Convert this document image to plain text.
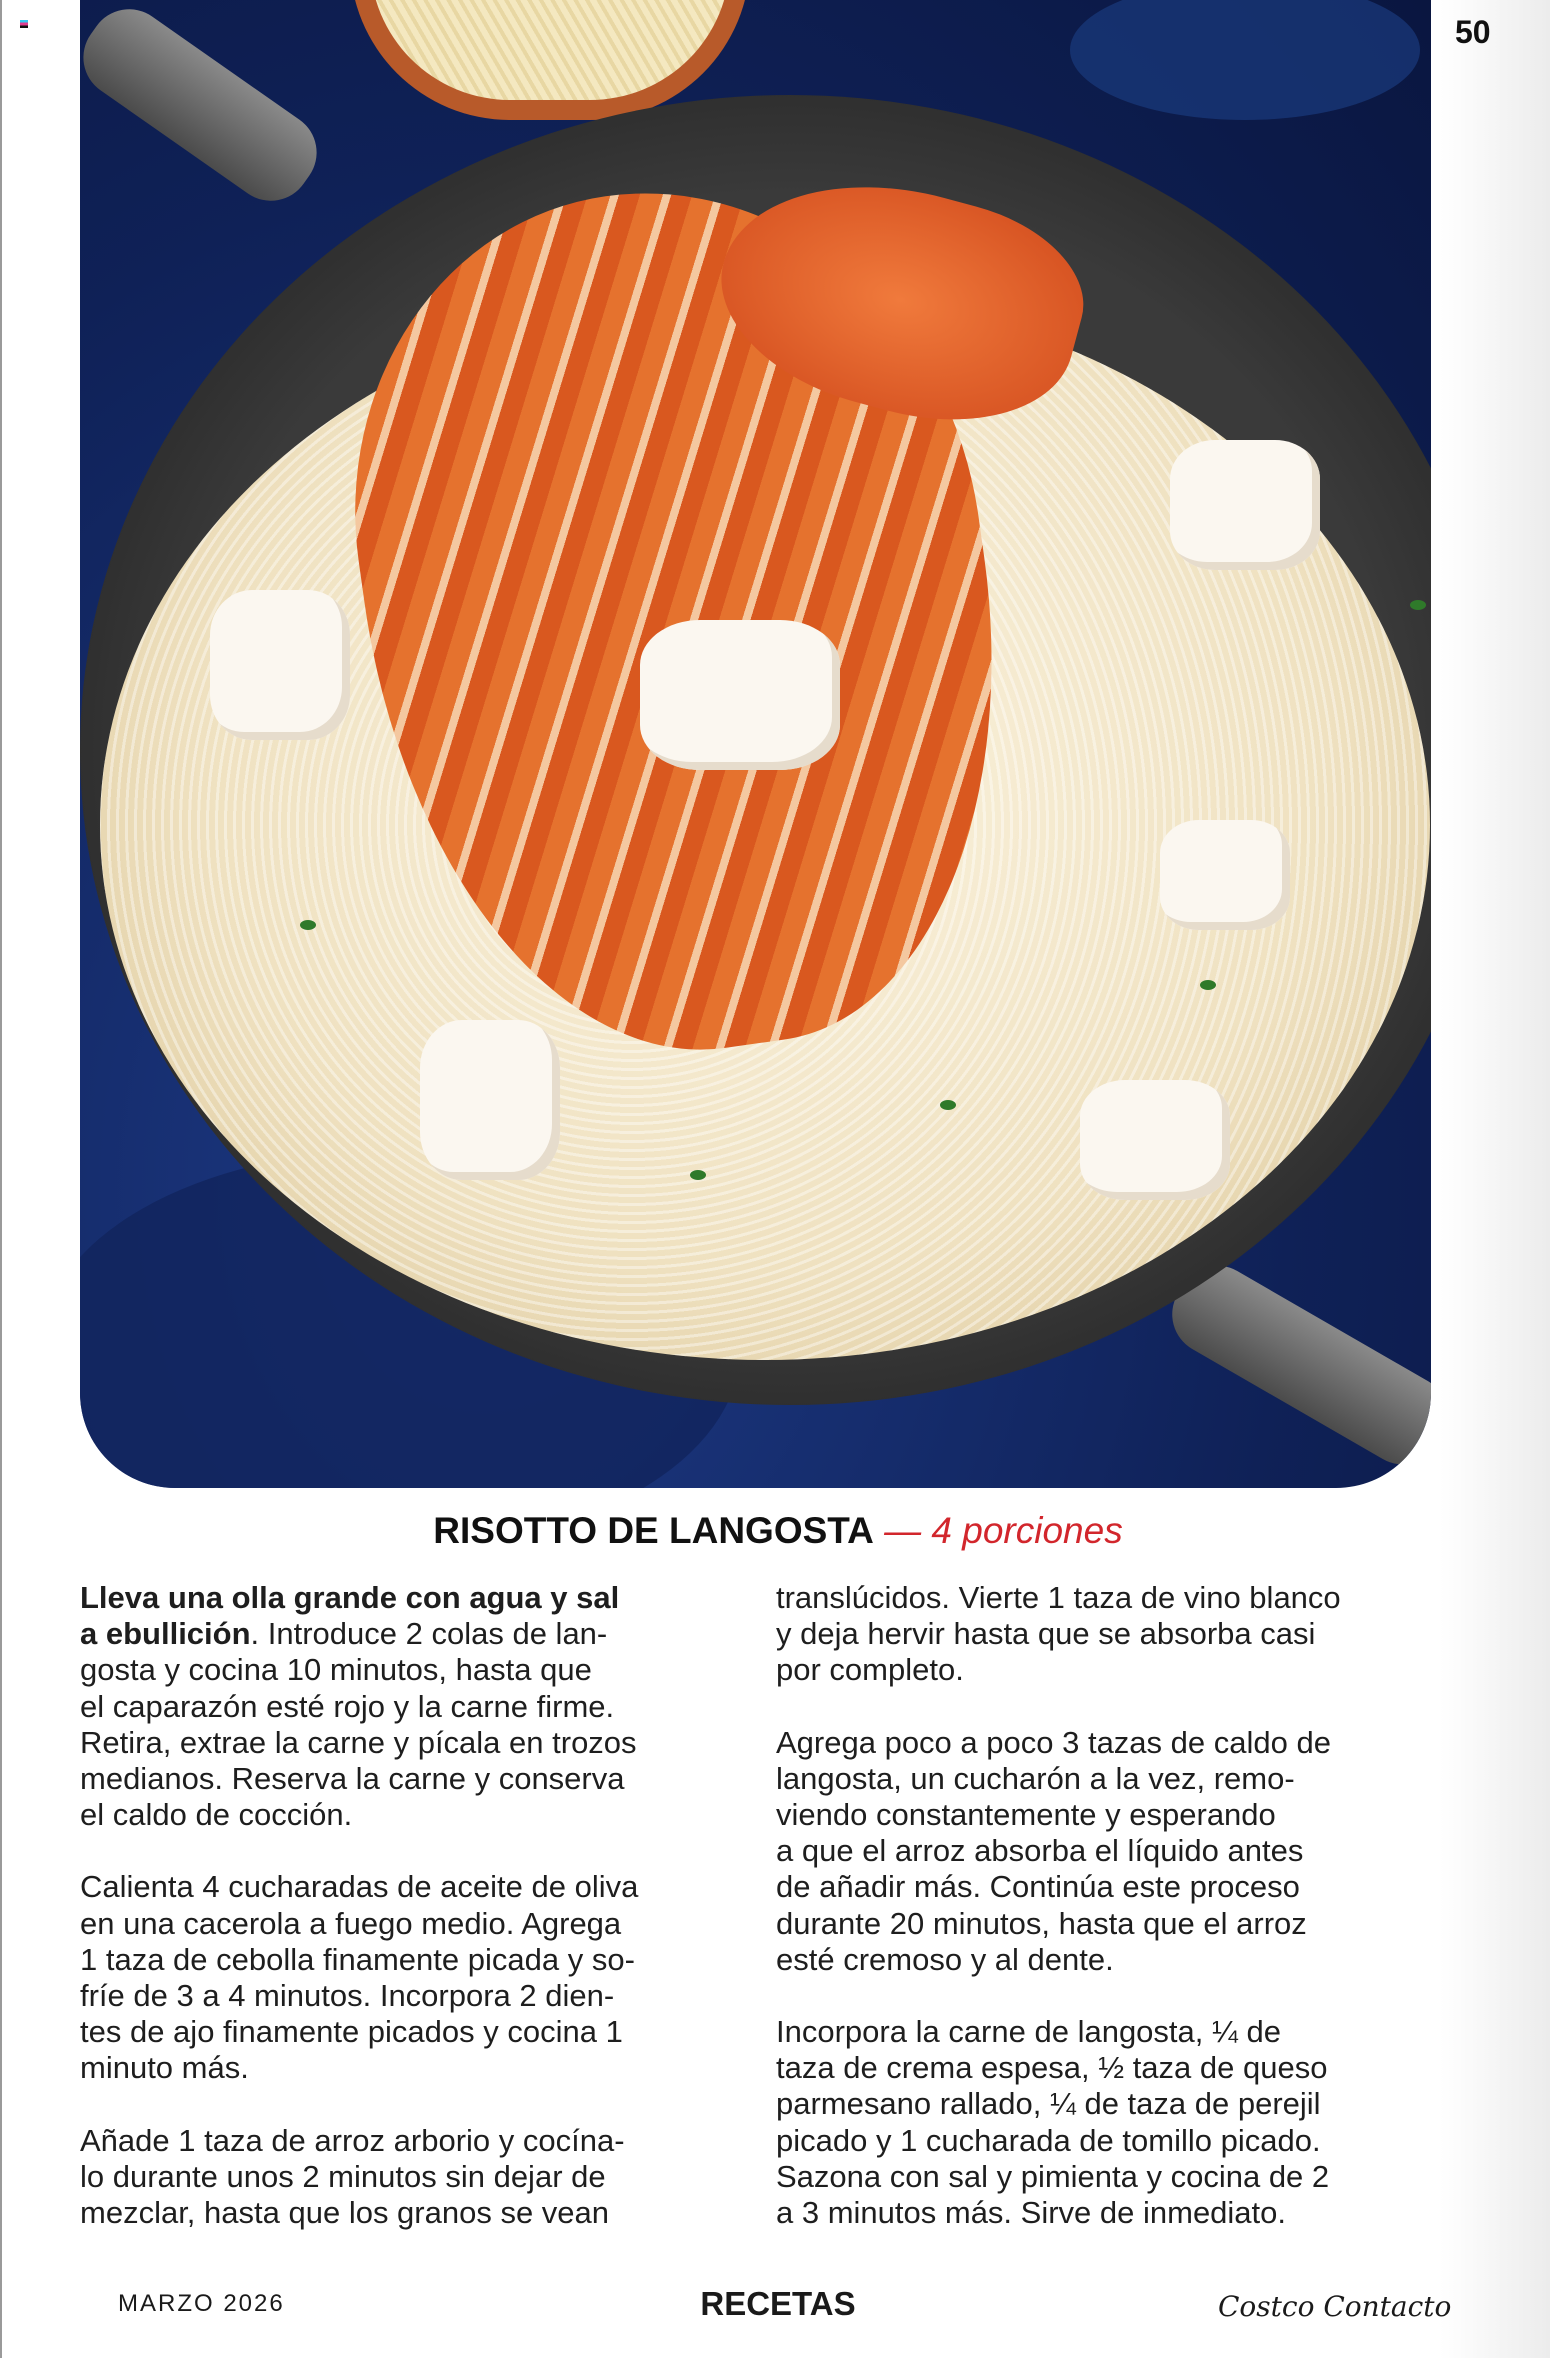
50
RISOTTO DE LANGOSTA — 4 porciones
Lleva una olla grande con agua y sal
a ebullición. Introduce 2 colas de lan-
gosta y cocina 10 minutos, hasta que
el caparazón esté rojo y la carne firme.
Retira, extrae la carne y pícala en trozos
medianos. Reserva la carne y conserva
el caldo de cocción.
Calienta 4 cucharadas de aceite de oliva
en una cacerola a fuego medio. Agrega
1 taza de cebolla finamente picada y so-
fríe de 3 a 4 minutos. Incorpora 2 dien-
tes de ajo finamente picados y cocina 1
minuto más.
Añade 1 taza de arroz arborio y cocína-
lo durante unos 2 minutos sin dejar de
mezclar, hasta que los granos se vean
translúcidos. Vierte 1 taza de vino blanco
y deja hervir hasta que se absorba casi
por completo.
Agrega poco a poco 3 tazas de caldo de
langosta, un cucharón a la vez, remo-
viendo constantemente y esperando
a que el arroz absorba el líquido antes
de añadir más. Continúa este proceso
durante 20 minutos, hasta que el arroz
esté cremoso y al dente.
Incorpora la carne de langosta, ¼ de
taza de crema espesa, ½ taza de queso
parmesano rallado, ¼ de taza de perejil
picado y 1 cucharada de tomillo picado.
Sazona con sal y pimienta y cocina de 2
a 3 minutos más. Sirve de inmediato.
MARZO 2026	RECETAS	Costco Contacto
